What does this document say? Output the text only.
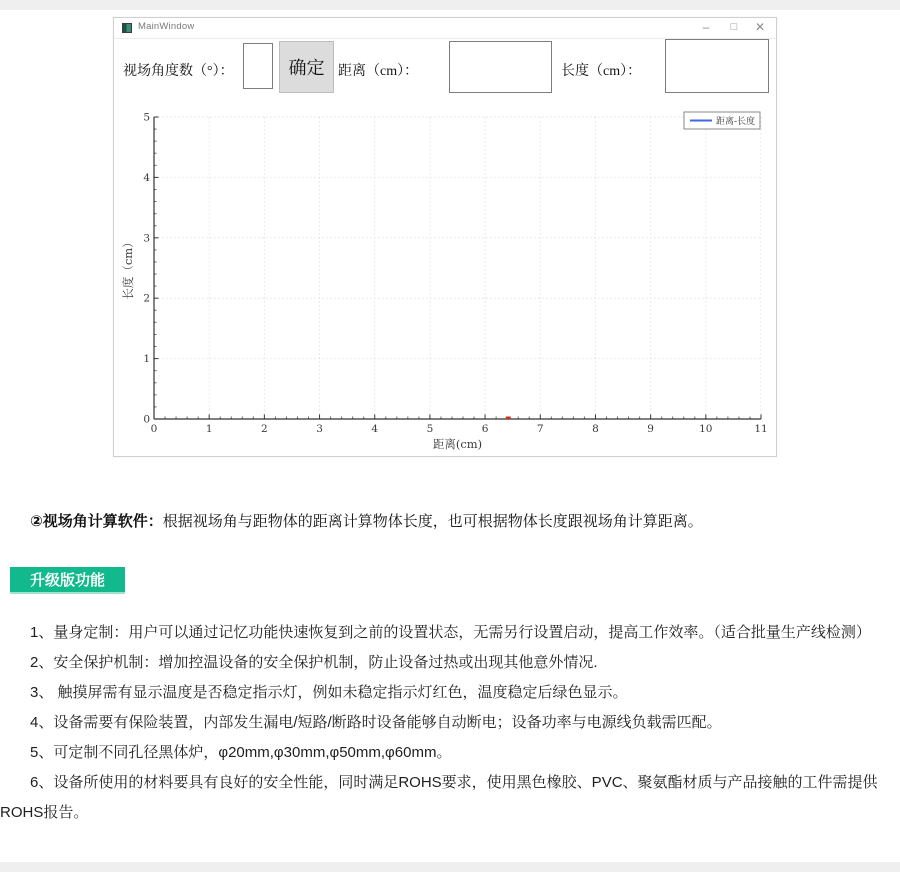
MainWindow	–	□	✕
视场角度数（°）：	确定 距离（cm）：	长度（cm）：
0	1	2	3	4	5	6	7	8	9	10	11
0
1
2
3
4
5
距离(cm)
长度（cm）
距离-长度

②视场角计算软件：根据视场角与距物体的距离计算物体长度，也可根据物体长度跟视场角计算距离。

升级版功能

1、量身定制：用户可以通过记忆功能快速恢复到之前的设置状态，无需另行设置启动，提高工作效率。（适合批量生产线检测）

2、安全保护机制：增加控温设备的安全保护机制，防止设备过热或出现其他意外情况.

3、 触摸屏需有显示温度是否稳定指示灯，例如未稳定指示灯红色，温度稳定后绿色显示。

4、设备需要有保险装置，内部发生漏电/短路/断路时设备能够自动断电；设备功率与电源线负载需匹配。

5、可定制不同孔径黑体炉，φ20mm,φ30mm,φ50mm,φ60mm。

6、设备所使用的材料要具有良好的安全性能，同时满足ROHS要求，使用黑色橡胶、PVC、聚氨酯材质与产品接触的工件需提供ROHS报告。
